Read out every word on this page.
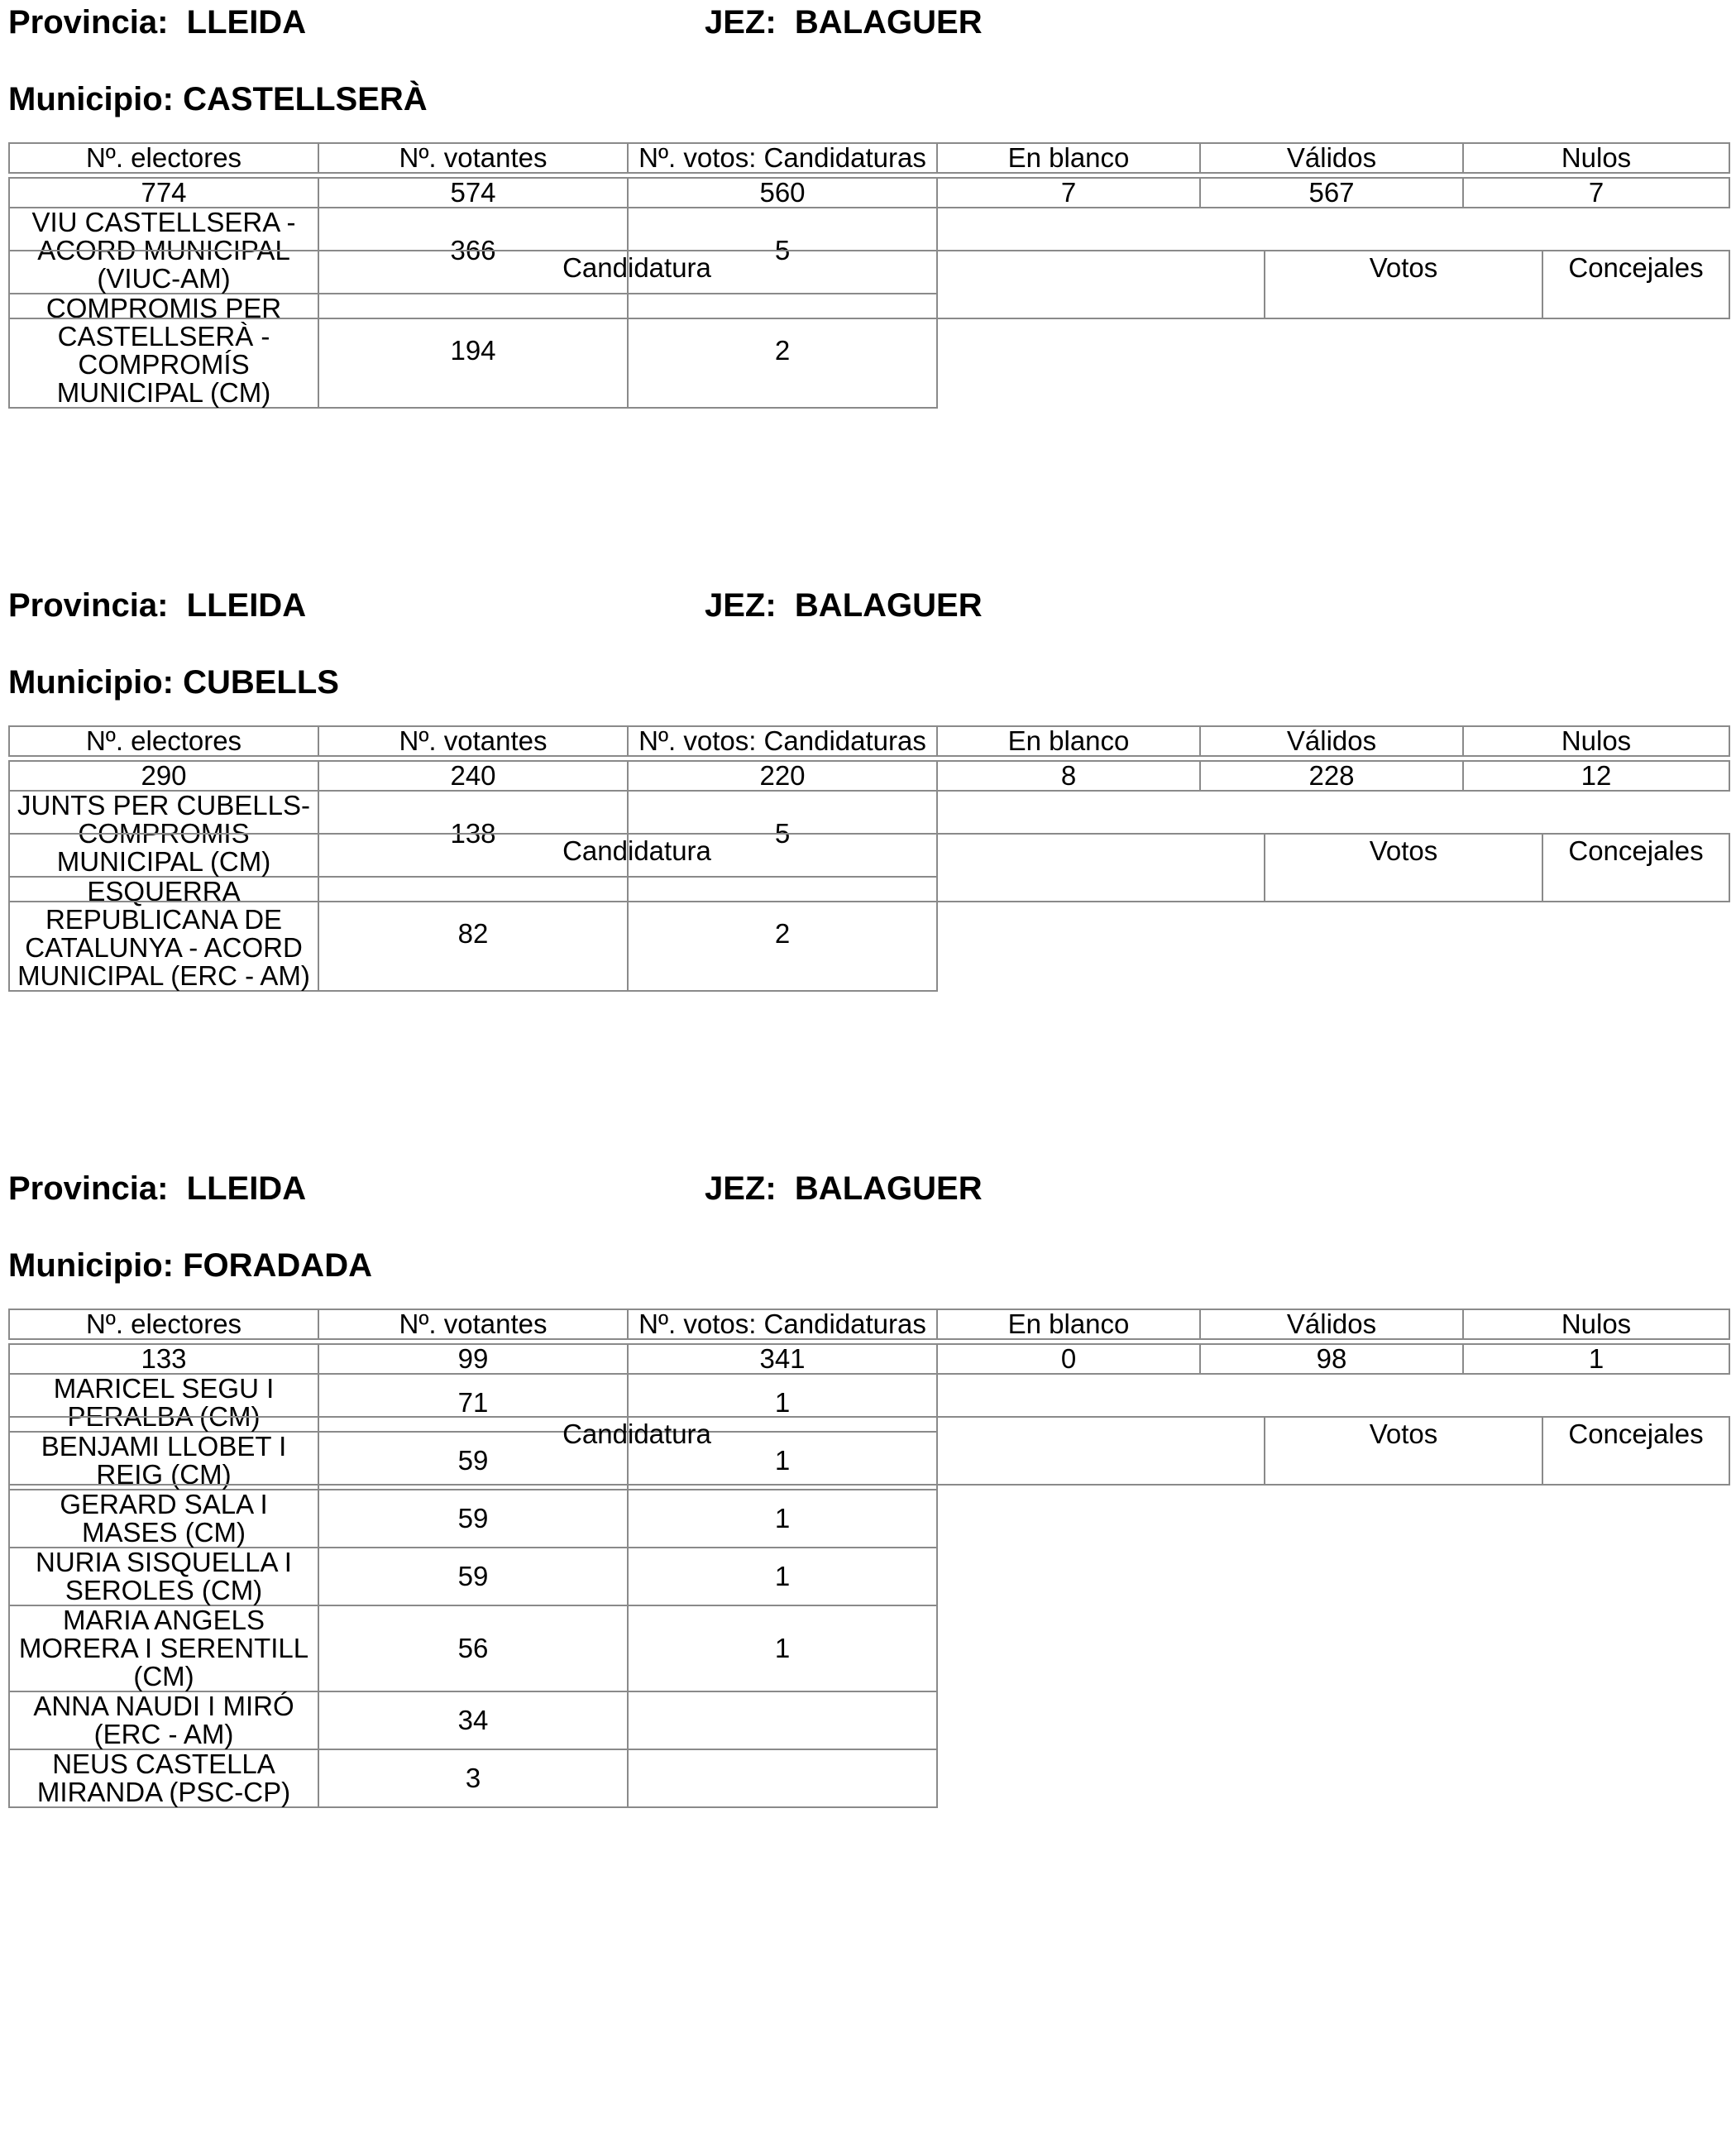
Provincia: LLEIDA	JEZ: BALAGUER
Municipio: CASTELLSERÀ
Nº. electores	Nº. votantes	Nº. votos: Candidaturas	En blanco	Válidos	Nulos

774	574	560	7	567	7
VIU CASTELLSERA - ACORD MUNICIPAL (VIUC-AM)	366	5			
COMPROMIS PER CASTELLSERÀ - COMPROMÍS MUNICIPAL (CM)	194	2			
Candidatura	Votos	Concejales
Provincia: LLEIDA	JEZ: BALAGUER
Municipio: CUBELLS
Nº. electores	Nº. votantes	Nº. votos: Candidaturas	En blanco	Válidos	Nulos

290	240	220	8	228	12
JUNTS PER CUBELLS-COMPROMIS MUNICIPAL (CM)	138	5			
ESQUERRA REPUBLICANA DE CATALUNYA - ACORD MUNICIPAL (ERC - AM)	82	2			
Candidatura	Votos	Concejales
Provincia: LLEIDA	JEZ: BALAGUER
Municipio: FORADADA
Nº. electores	Nº. votantes	Nº. votos: Candidaturas	En blanco	Válidos	Nulos

133	99	341	0	98	1
MARICEL SEGU I PERALBA (CM)	71	1			
BENJAMI LLOBET I REIG (CM)	59	1			
GERARD SALA I MASES (CM)	59	1			
NURIA SISQUELLA I SEROLES (CM)	59	1			
MARIA ANGELS MORERA I SERENTILL (CM)	56	1			
ANNA NAUDI I MIRÓ (ERC - AM)	34				
NEUS CASTELLA MIRANDA (PSC-CP)	3				
Candidatura	Votos	Concejales
